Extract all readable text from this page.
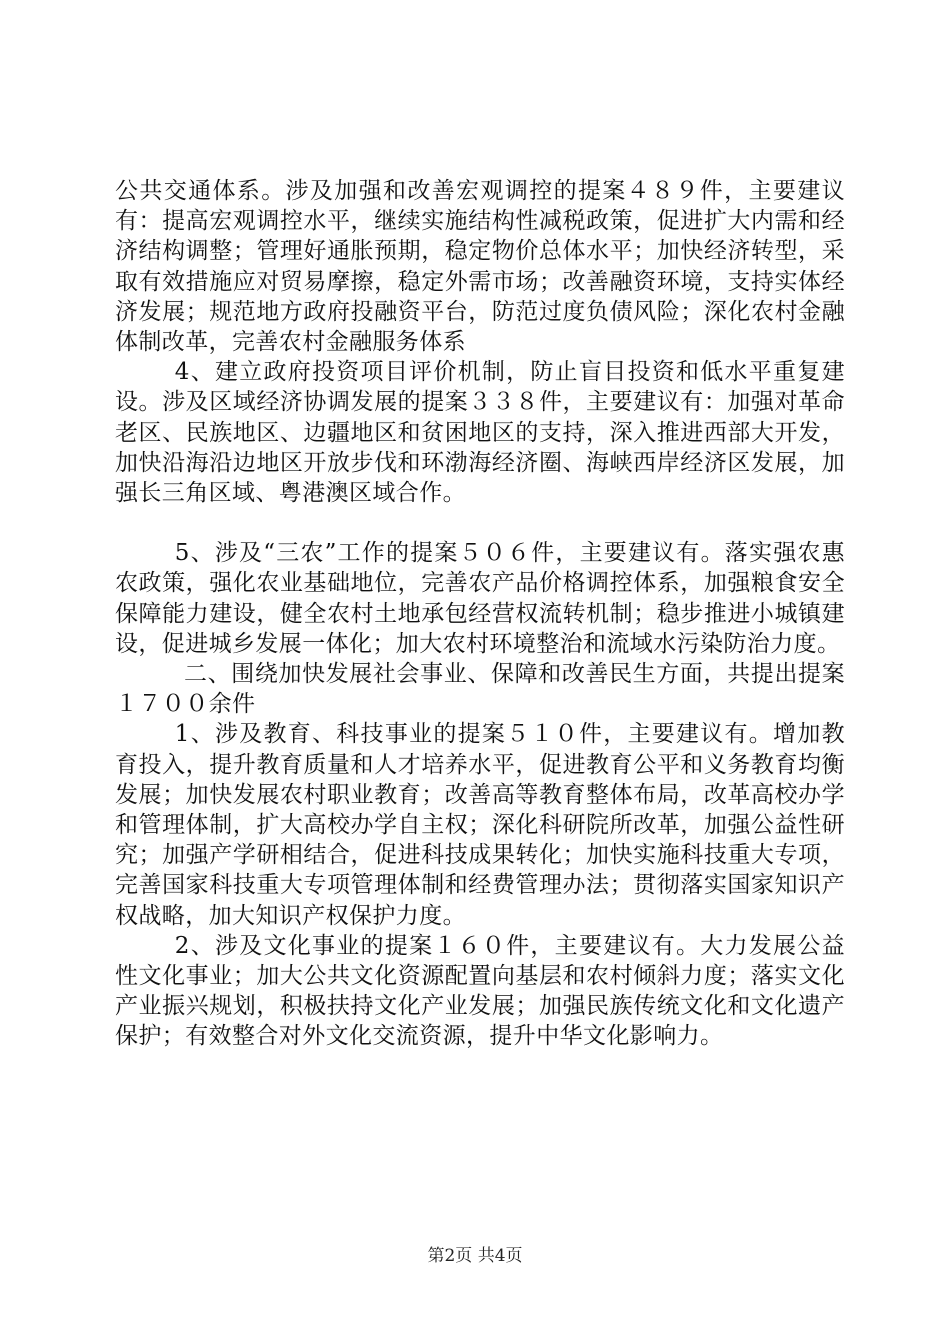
公共交通体系。涉及加强和改善宏观调控的提案４８９件，主要建议有：提高宏观调控水平，继续实施结构性减税政策，促进扩大内需和经济结构调整；管理好通胀预期，稳定物价总体水平；加快经济转型，采取有效措施应对贸易摩擦，稳定外需市场；改善融资环境，支持实体经济发展；规范地方政府投融资平台，防范过度负债风险；深化农村金融体制改革，完善农村金融服务体系

4、建立政府投资项目评价机制，防止盲目投资和低水平重复建设。涉及区域经济协调发展的提案３３８件，主要建议有：加强对革命老区、民族地区、边疆地区和贫困地区的支持，深入推进西部大开发，加快沿海沿边地区开放步伐和环渤海经济圈、海峡西岸经济区发展，加强长三角区域、粤港澳区域合作。

5、涉及“三农”工作的提案５０６件，主要建议有。落实强农惠农政策，强化农业基础地位，完善农产品价格调控体系，加强粮食安全保障能力建设，健全农村土地承包经营权流转机制；稳步推进小城镇建设，促进城乡发展一体化；加大农村环境整治和流域水污染防治力度。

二、围绕加快发展社会事业、保障和改善民生方面，共提出提案１７００余件

1、涉及教育、科技事业的提案５１０件，主要建议有。增加教育投入，提升教育质量和人才培养水平，促进教育公平和义务教育均衡发展；加快发展农村职业教育；改善高等教育整体布局，改革高校办学和管理体制，扩大高校办学自主权；深化科研院所改革，加强公益性研究；加强产学研相结合，促进科技成果转化；加快实施科技重大专项，完善国家科技重大专项管理体制和经费管理办法；贯彻落实国家知识产权战略，加大知识产权保护力度。

2、涉及文化事业的提案１６０件，主要建议有。大力发展公益性文化事业；加大公共文化资源配置向基层和农村倾斜力度；落实文化产业振兴规划，积极扶持文化产业发展；加强民族传统文化和文化遗产保护；有效整合对外文化交流资源，提升中华文化影响力。

第2页 共4页
